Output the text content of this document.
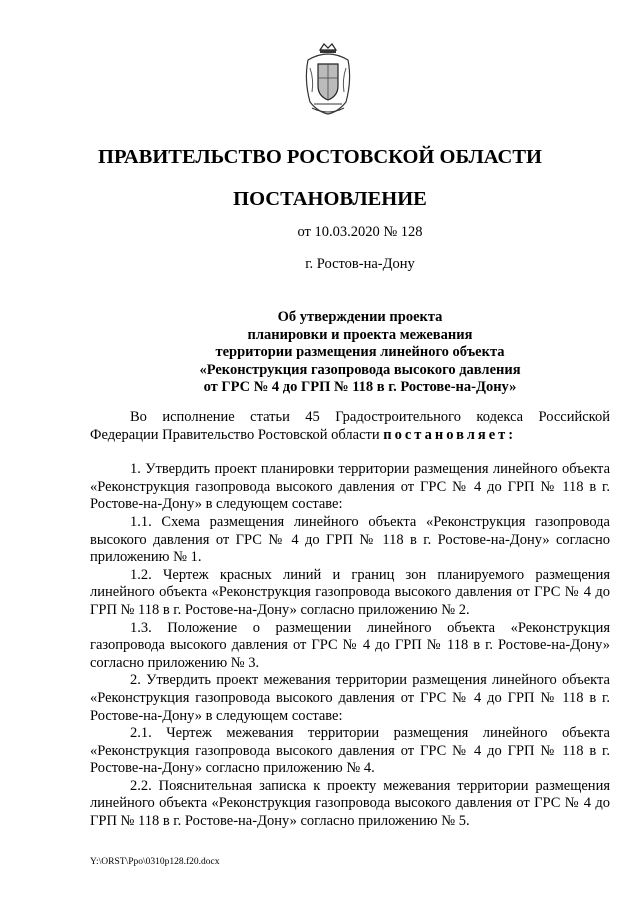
ПРАВИТЕЛЬСТВО РОСТОВСКОЙ ОБЛАСТИ
ПОСТАНОВЛЕНИЕ

от 10.03.2020 № 128

г. Ростов-на-Дону

Об утверждении проекта
планировки и проекта межевания
территории размещения линейного объекта
«Реконструкция газопровода высокого давления
от ГРС № 4 до ГРП № 118 в г. Ростове-на-Дону»

Во исполнение статьи 45 Градостроительного кодекса Российской Федерации Правительство Ростовской области постановляет:

1. Утвердить проект планировки территории размещения линейного объекта «Реконструкция газопровода высокого давления от ГРС № 4 до ГРП № 118 в г. Ростове-на-Дону» в следующем составе:

1.1. Схема размещения линейного объекта «Реконструкция газопровода высокого давления от ГРС № 4 до ГРП № 118 в г. Ростове-на-Дону» согласно приложению № 1.

1.2. Чертеж красных линий и границ зон планируемого размещения линейного объекта «Реконструкция газопровода высокого давления от ГРС № 4 до ГРП № 118 в г. Ростове-на-Дону» согласно приложению № 2.

1.3. Положение о размещении линейного объекта «Реконструкция газопровода высокого давления от ГРС № 4 до ГРП № 118 в г. Ростове-на-Дону» согласно приложению № 3.

2. Утвердить проект межевания территории размещения линейного объекта «Реконструкция газопровода высокого давления от ГРС № 4 до ГРП № 118 в г. Ростове-на-Дону» в следующем составе:

2.1. Чертеж межевания территории размещения линейного объекта «Реконструкция газопровода высокого давления от ГРС № 4 до ГРП № 118 в г. Ростове-на-Дону» согласно приложению № 4.

2.2. Пояснительная записка к проекту межевания территории размещения линейного объекта «Реконструкция газопровода высокого давления от ГРС № 4 до ГРП № 118 в г. Ростове-на-Дону» согласно приложению № 5.

Y:\ORST\Ppo\0310p128.f20.docx
